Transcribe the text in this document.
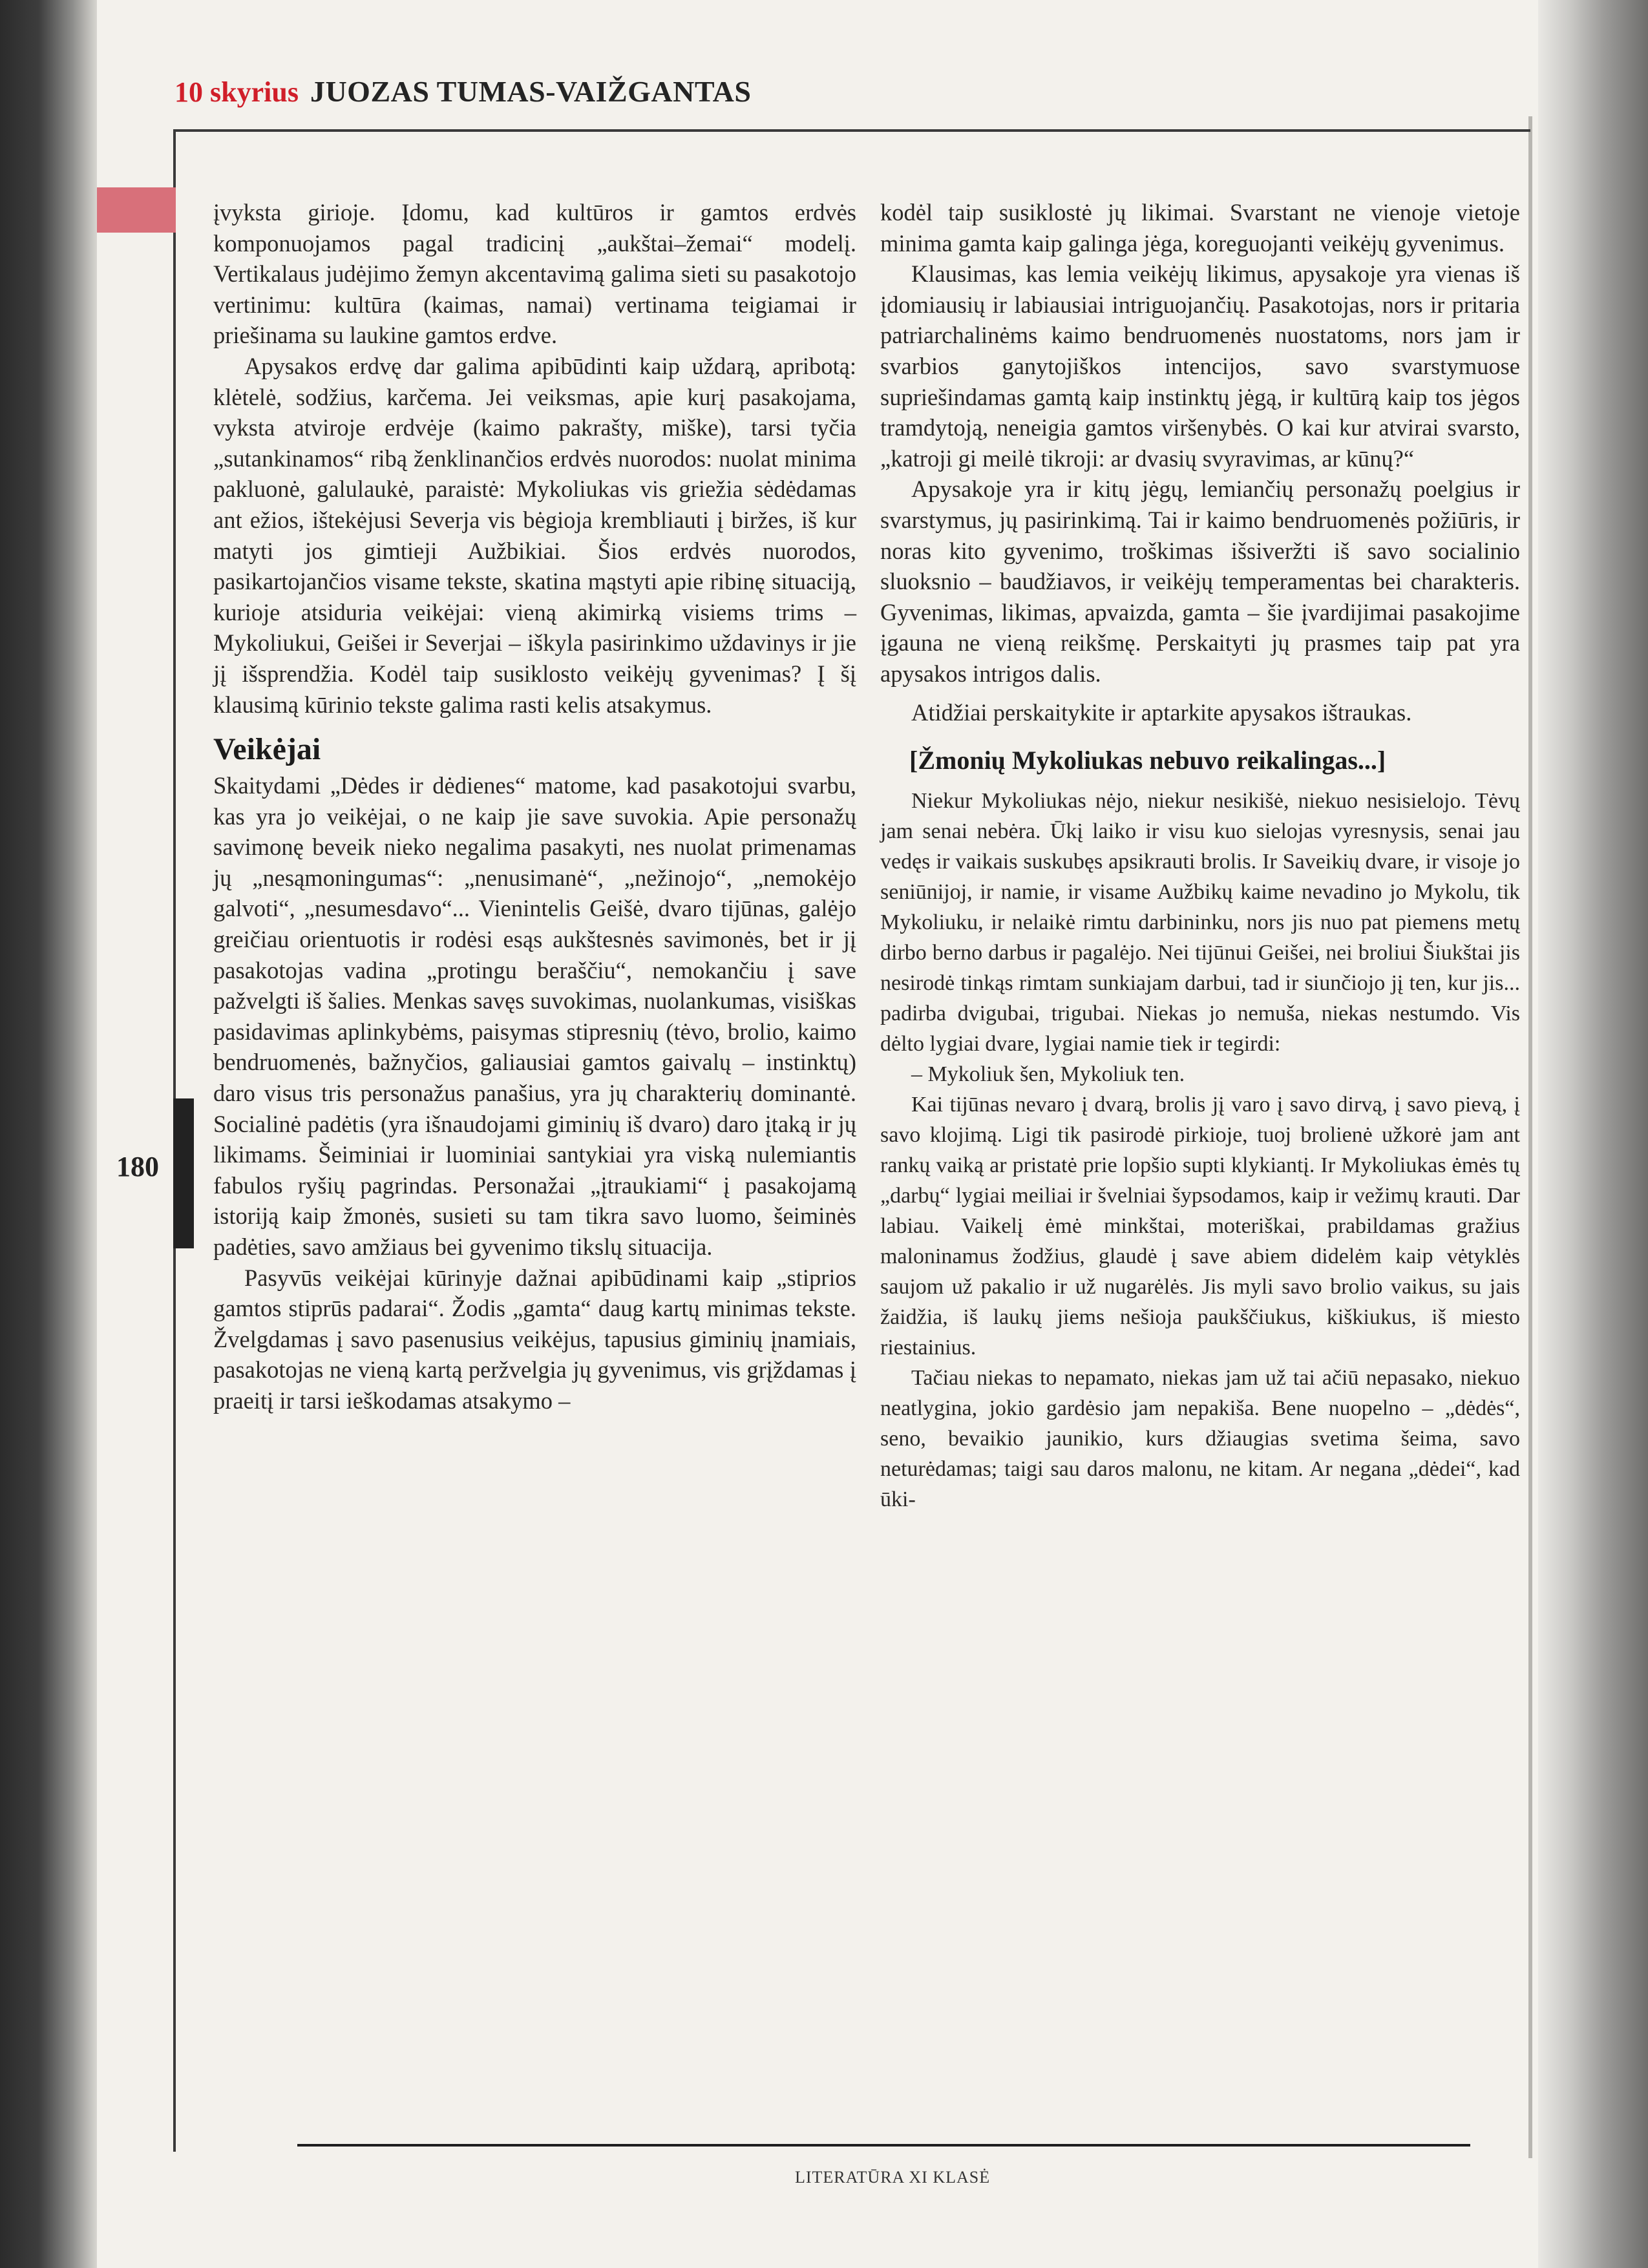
10 skyrius JUOZAS TUMAS-VAIŽGANTAS
180

įvyksta girioje. Įdomu, kad kultūros ir gamtos erdvės komponuojamos pagal tradicinį „aukštai–žemai“ modelį. Vertikalaus judėjimo žemyn akcentavimą galima sieti su pasakotojo vertinimu: kultūra (kaimas, namai) vertinama teigiamai ir priešinama su laukine gamtos erdve.

Apysakos erdvę dar galima apibūdinti kaip uždarą, apribotą: klėtelė, sodžius, karčema. Jei veiksmas, apie kurį pasakojama, vyksta atviroje erdvėje (kaimo pakrašty, miške), tarsi tyčia „sutankinamos“ ribą ženklinančios erdvės nuorodos: nuolat minima pakluonė, galulaukė, paraistė: Mykoliukas vis griežia sėdėdamas ant ežios, ištekėjusi Severja vis bėgioja krembliauti į biržes, iš kur matyti jos gimtieji Aužbikiai. Šios erdvės nuorodos, pasikartojančios visame tekste, skatina mąstyti apie ribinę situaciją, kurioje atsiduria veikėjai: vieną akimirką visiems trims – Mykoliukui, Geišei ir Severjai – iškyla pasirinkimo uždavinys ir jie jį išsprendžia. Kodėl taip susiklosto veikėjų gyvenimas? Į šį klausimą kūrinio tekste galima rasti kelis atsakymus.

Veikėjai

Skaitydami „Dėdes ir dėdienes“ matome, kad pasakotojui svarbu, kas yra jo veikėjai, o ne kaip jie save suvokia. Apie personažų savimonę beveik nieko negalima pasakyti, nes nuolat primenamas jų „nesąmoningumas“: „nenusimanė“, „nežinojo“, „nemokėjo galvoti“, „nesumesdavo“... Vienintelis Geišė, dvaro tijūnas, galėjo greičiau orientuotis ir rodėsi esąs aukštesnės savimonės, bet ir jį pasakotojas vadina „protingu beraščiu“, nemokančiu į save pažvelgti iš šalies. Menkas savęs suvokimas, nuolankumas, visiškas pasidavimas aplinkybėms, paisymas stipresnių (tėvo, brolio, kaimo bendruomenės, bažnyčios, galiausiai gamtos gaivalų – instinktų) daro visus tris personažus panašius, yra jų charakterių dominantė. Socialinė padėtis (yra išnaudojami giminių iš dvaro) daro įtaką ir jų likimams. Šeiminiai ir luominiai santykiai yra viską nulemiantis fabulos ryšių pagrindas. Personažai „įtraukiami“ į pasakojamą istoriją kaip žmonės, susieti su tam tikra savo luomo, šeiminės padėties, savo amžiaus bei gyvenimo tikslų situacija.

Pasyvūs veikėjai kūrinyje dažnai apibūdinami kaip „stiprios gamtos stiprūs padarai“. Žodis „gamta“ daug kartų minimas tekste. Žvelgdamas į savo pasenusius veikėjus, tapusius giminių įnamiais, pasakotojas ne vieną kartą peržvelgia jų gyvenimus, vis grįždamas į praeitį ir tarsi ieškodamas atsakymo –

kodėl taip susiklostė jų likimai. Svarstant ne vienoje vietoje minima gamta kaip galinga jėga, koreguojanti veikėjų gyvenimus.

Klausimas, kas lemia veikėjų likimus, apysakoje yra vienas iš įdomiausių ir labiausiai intriguojančių. Pasakotojas, nors ir pritaria patriarchalinėms kaimo bendruomenės nuostatoms, nors jam ir svarbios ganytojiškos intencijos, savo svarstymuose supriešindamas gamtą kaip instinktų jėgą, ir kultūrą kaip tos jėgos tramdytoją, neneigia gamtos viršenybės. O kai kur atvirai svarsto, „katroji gi meilė tikroji: ar dvasių svyravimas, ar kūnų?“

Apysakoje yra ir kitų jėgų, lemiančių personažų poelgius ir svarstymus, jų pasirinkimą. Tai ir kaimo bendruomenės požiūris, ir noras kito gyvenimo, troškimas išsiveržti iš savo socialinio sluoksnio – baudžiavos, ir veikėjų temperamentas bei charakteris. Gyvenimas, likimas, apvaizda, gamta – šie įvardijimai pasakojime įgauna ne vieną reikšmę. Perskaityti jų prasmes taip pat yra apysakos intrigos dalis.

Atidžiai perskaitykite ir aptarkite apysakos ištraukas.

[Žmonių Mykoliukas nebuvo reikalingas...]

Niekur Mykoliukas nėjo, niekur nesikišė, niekuo nesisielojo. Tėvų jam senai nebėra. Ūkį laiko ir visu kuo sielojas vyresnysis, senai jau vedęs ir vaikais suskubęs apsikrauti brolis. Ir Saveikių dvare, ir visoje jo seniūnijoj, ir namie, ir visame Aužbikų kaime nevadino jo Mykolu, tik Mykoliuku, ir nelaikė rimtu darbininku, nors jis nuo pat piemens metų dirbo berno darbus ir pagalėjo. Nei tijūnui Geišei, nei broliui Šiukštai jis nesirodė tinkąs rimtam sunkiajam darbui, tad ir siunčiojo jį ten, kur jis... padirba dvigubai, trigubai. Niekas jo nemuša, niekas nestumdo. Vis dėlto lygiai dvare, lygiai namie tiek ir tegirdi:

– Mykoliuk šen, Mykoliuk ten.

Kai tijūnas nevaro į dvarą, brolis jį varo į savo dirvą, į savo pievą, į savo klojimą. Ligi tik pasirodė pirkioje, tuoj brolienė užkorė jam ant rankų vaiką ar pristatė prie lopšio supti klykiantį. Ir Mykoliukas ėmės tų „darbų“ lygiai meiliai ir švelniai šypsodamos, kaip ir vežimų krauti. Dar labiau. Vaikelį ėmė minkštai, moteriškai, prabildamas gražius maloninamus žodžius, glaudė į save abiem didelėm kaip vėtyklės saujom už pakalio ir už nugarėlės. Jis myli savo brolio vaikus, su jais žaidžia, iš laukų jiems nešioja paukščiukus, kiškiukus, iš miesto riestainius.

Tačiau niekas to nepamato, niekas jam už tai ačiū nepasako, niekuo neatlygina, jokio gardėsio jam nepakiša. Bene nuopelno – „dėdės“, seno, bevaikio jaunikio, kurs džiaugias svetima šeima, savo neturėdamas; taigi sau daros malonu, ne kitam. Ar negana „dėdei“, kad ūki-

LITERATŪRA XI KLASĖ
